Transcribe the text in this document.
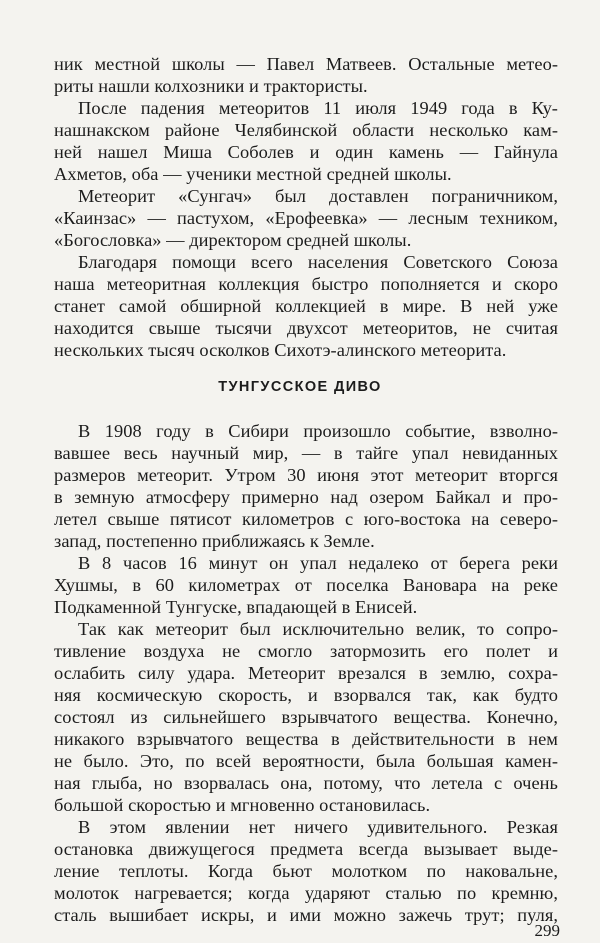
ник местной школы — Павел Матвеев. Остальные метео-
риты нашли колхозники и трактористы.
После падения метеоритов 11 июля 1949 года в Ку-
нашнакском районе Челябинской области несколько кам-
ней нашел Миша Соболев и один камень — Гайнула
Ахметов, оба — ученики местной средней школы.
Метеорит «Сунгач» был доставлен пограничником,
«Каинзас» — пастухом, «Ерофеевка» — лесным техником,
«Богословка» — директором средней школы.
Благодаря помощи всего населения Советского Союза
наша метеоритная коллекция быстро пополняется и скоро
станет самой обширной коллекцией в мире. В ней уже
находится свыше тысячи двухсот метеоритов, не считая
нескольких тысяч осколков Сихотэ-алинского метеорита.
ТУНГУССКОЕ ДИВО
В 1908 году в Сибири произошло событие, взволно-
вавшее весь научный мир, — в тайге упал невиданных
размеров метеорит. Утром 30 июня этот метеорит вторгся
в земную атмосферу примерно над озером Байкал и про-
летел свыше пятисот километров с юго-востока на северо-
запад, постепенно приближаясь к Земле.
В 8 часов 16 минут он упал недалеко от берега реки
Хушмы, в 60 километрах от поселка Вановара на реке
Подкаменной Тунгуске, впадающей в Енисей.
Так как метеорит был исключительно велик, то сопро-
тивление воздуха не смогло затормозить его полет и
ослабить силу удара. Метеорит врезался в землю, сохра-
няя космическую скорость, и взорвался так, как будто
состоял из сильнейшего взрывчатого вещества. Конечно,
никакого взрывчатого вещества в действительности в нем
не было. Это, по всей вероятности, была большая камен-
ная глыба, но взорвалась она, потому, что летела с очень
большой скоростью и мгновенно остановилась.
В этом явлении нет ничего удивительного. Резкая
остановка движущегося предмета всегда вызывает выде-
ление теплоты. Когда бьют молотком по наковальне,
молоток нагревается; когда ударяют сталью по кремню,
сталь вышибает искры, и ими можно зажечь трут; пуля,
299
